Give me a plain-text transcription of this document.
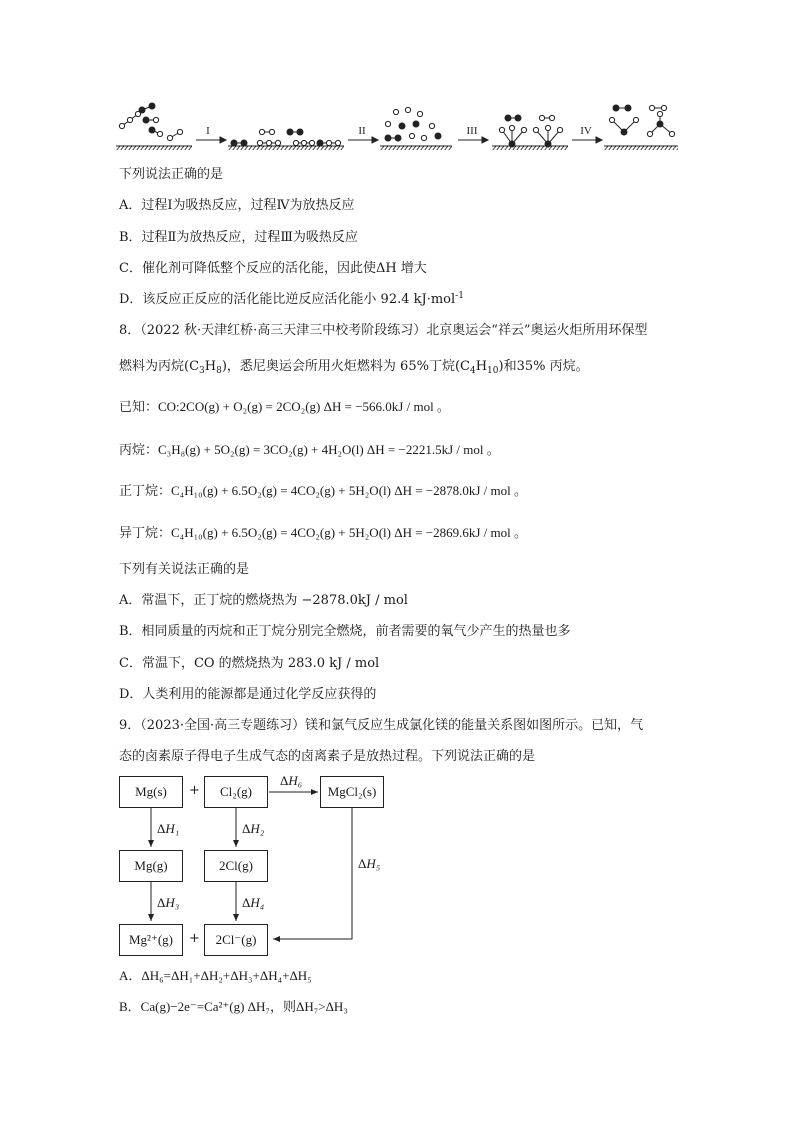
I	II	III	IV
下列说法正确的是
A．过程Ⅰ为吸热反应，过程Ⅳ为放热反应
B．过程Ⅱ为放热反应，过程Ⅲ为吸热反应
C．催化剂可降低整个反应的活化能，因此使ΔH 增大
D．该反应正反应的活化能比逆反应活化能小 92.4 kJ·mol$^{-1}$
8．（2022 秋·天津红桥·高三天津三中校考阶段练习）北京奥运会“祥云”奥运火炬所用环保型
燃料为丙烷$(C_3H_8)$，悉尼奥运会所用火炬燃料为 65%丁烷$(C_4H_{10})$和35% 丙烷。
已知：CO:2CO(g) + O₂(g) = 2CO₂(g) ΔH = −566.0kJ / mol 。
丙烷：C₃H₈(g) + 5O₂(g) = 3CO₂(g) + 4H₂O(l) ΔH = −2221.5kJ / mol 。
正丁烷：C₄H₁₀(g) + 6.5O₂(g) = 4CO₂(g) + 5H₂O(l) ΔH = −2878.0kJ / mol 。
异丁烷：C₄H₁₀(g) + 6.5O₂(g) = 4CO₂(g) + 5H₂O(l) ΔH = −2869.6kJ / mol 。
下列有关说法正确的是
A．常温下，正丁烷的燃烧热为 −2878.0kJ / mol
B．相同质量的丙烷和正丁烷分别完全燃烧，前者需要的氧气少产生的热量也多
C．常温下，CO 的燃烧热为 283.0 kJ / mol
D．人类利用的能源都是通过化学反应获得的
9．（2023·全国·高三专题练习）镁和氯气反应生成氯化镁的能量关系图如图所示。已知，气
态的卤素原子得电子生成气态的卤离素子是放热过程。下列说法正确的是
Mg(s)	+	Cl₂(g)	MgCl₂(s)
Mg(g)	2Cl(g)
Mg²⁺(g)	+	2Cl⁻(g)
ΔH₁	ΔH₂
ΔH₃	ΔH₄
ΔH₅
ΔH₆
A．ΔH₆=ΔH₁+ΔH₂+ΔH₃+ΔH₄+ΔH₅
B．Ca(g)−2e⁻=Ca²⁺(g) ΔH₇，则ΔH₇>ΔH₃
